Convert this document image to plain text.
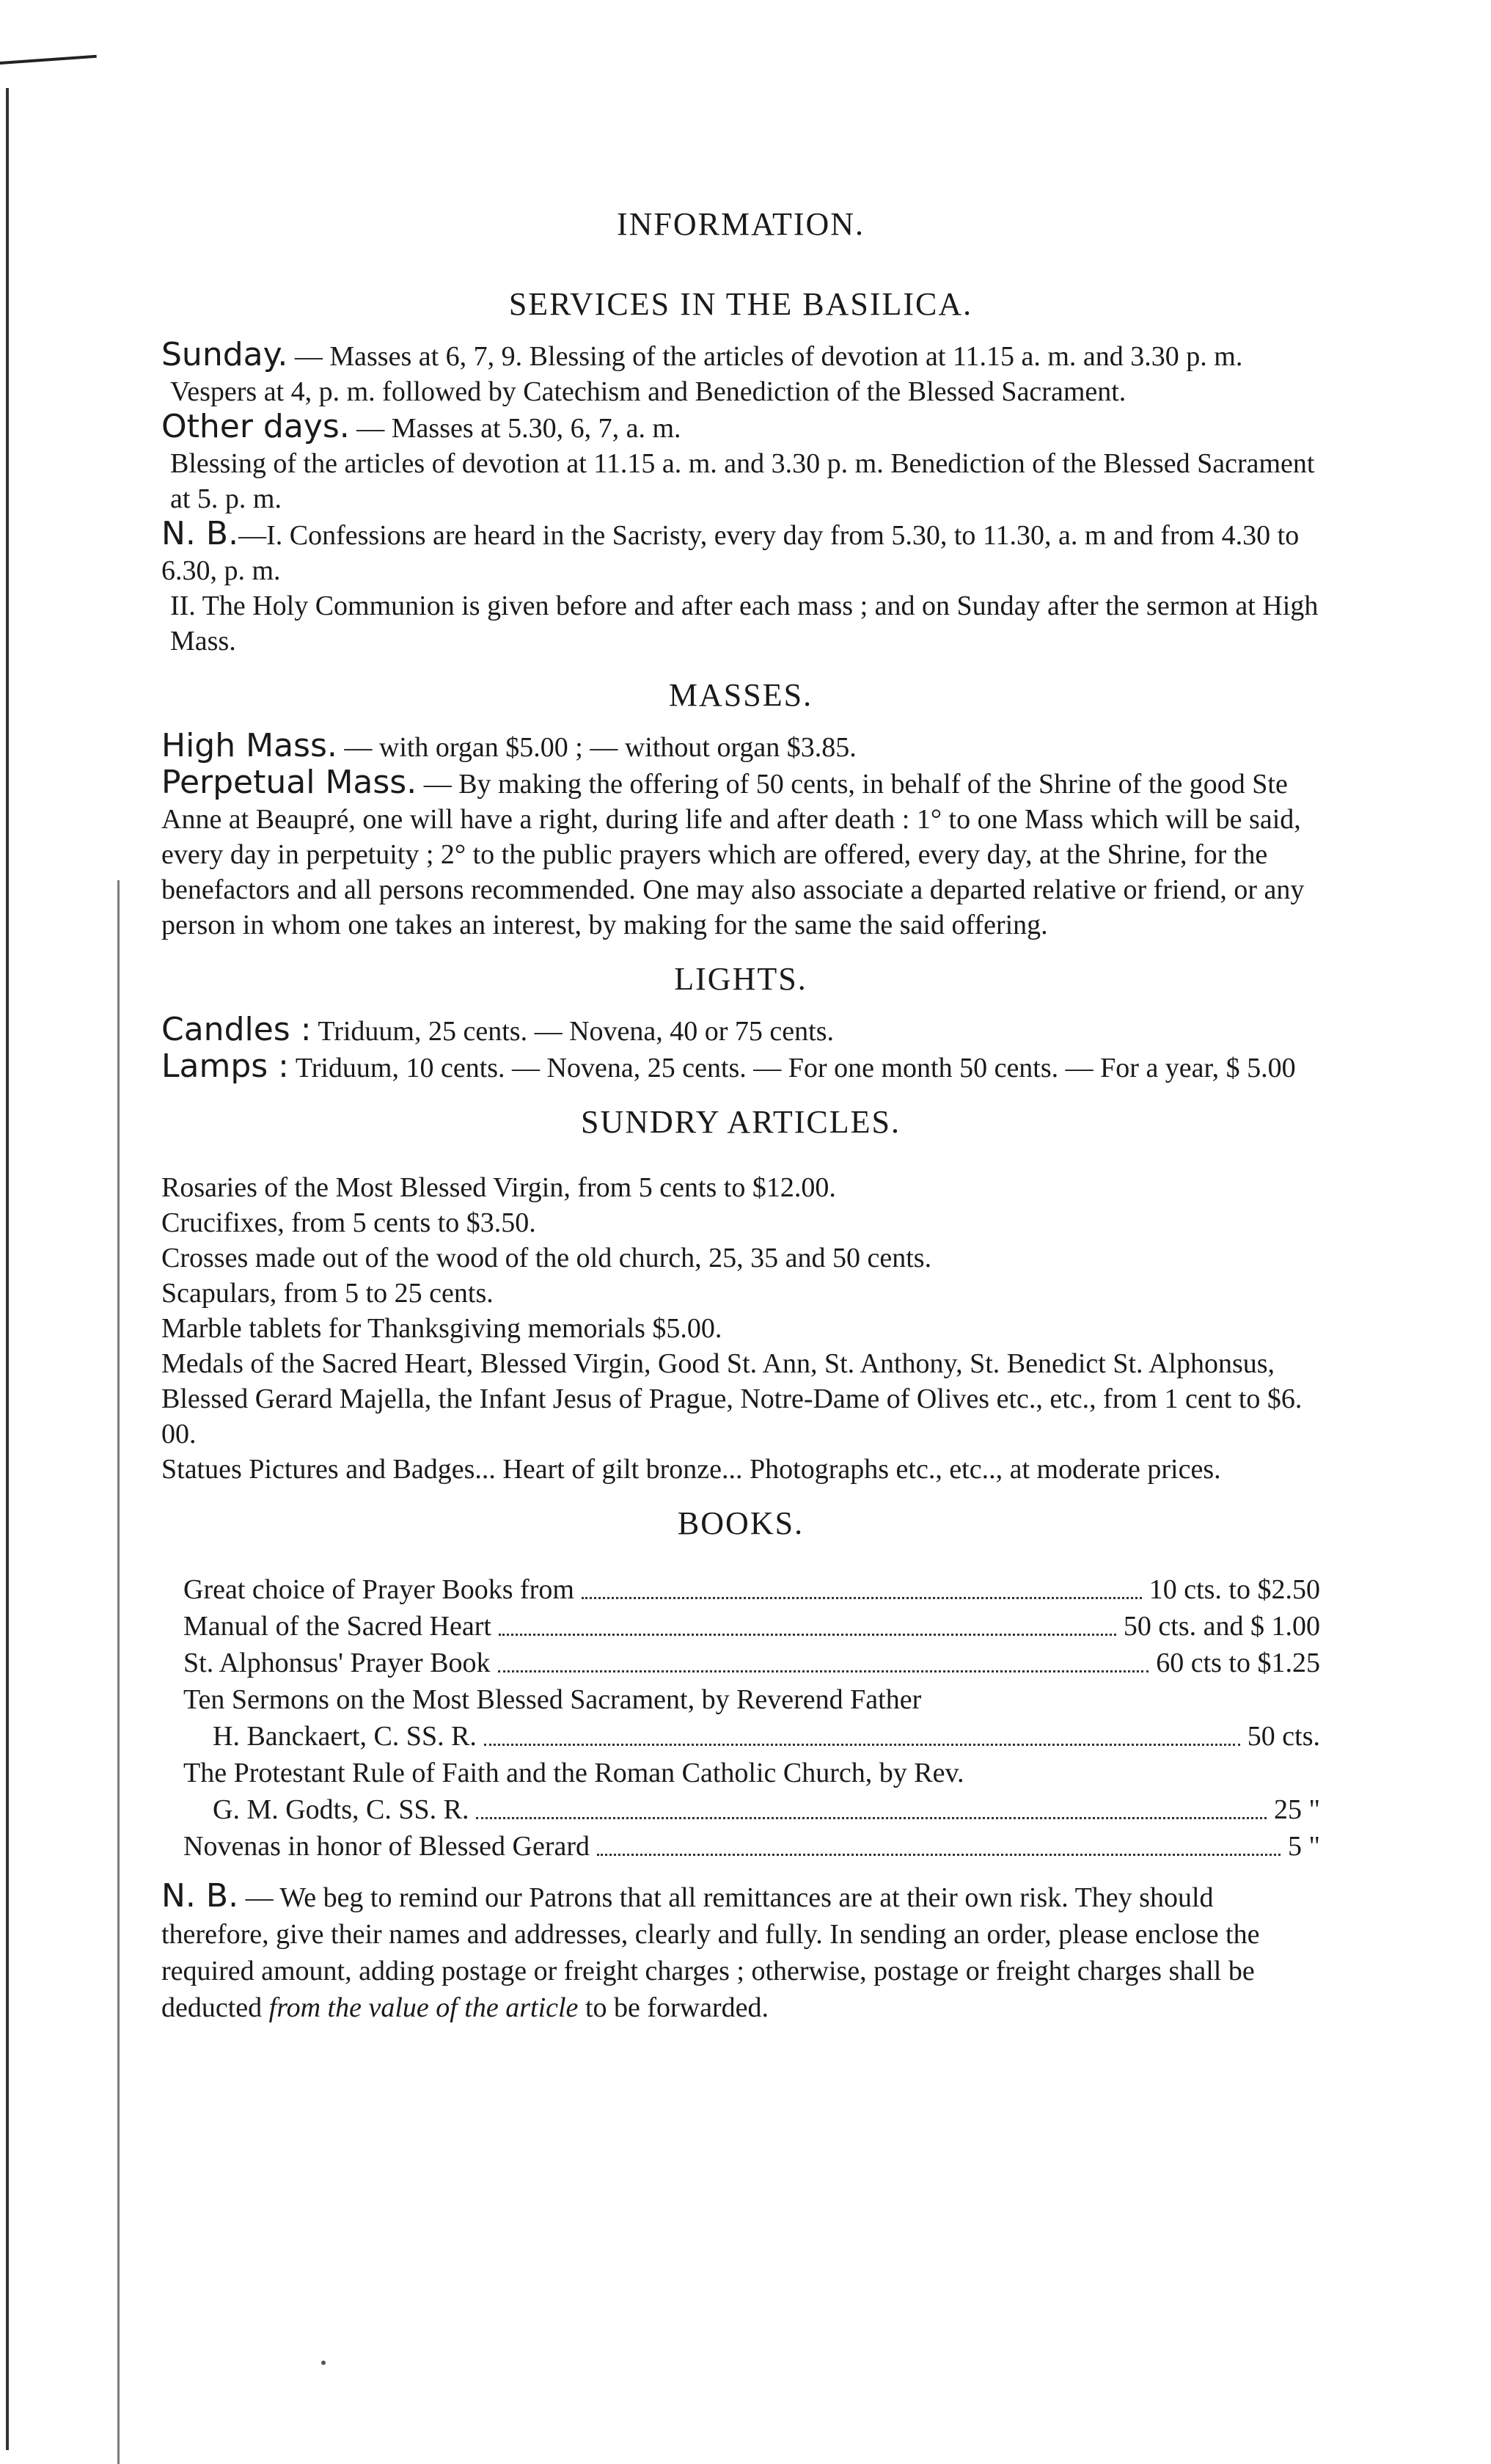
INFORMATION.
SERVICES IN THE BASILICA.
Sunday. — Masses at 6, 7, 9. Blessing of the articles of devotion at 11.15 a. m. and 3.30 p. m.
Vespers at 4, p. m. followed by Catechism and Benediction of the Blessed Sacrament.
Other days. — Masses at 5.30, 6, 7, a. m.
Blessing of the articles of devotion at 11.15 a. m. and 3.30 p. m. Benediction of the Blessed Sacrament at 5. p. m.
N. B.—I. Confessions are heard in the Sacristy, every day from 5.30, to 11.30, a. m and from 4.30 to 6.30, p. m.
II. The Holy Communion is given before and after each mass ; and on Sunday after the sermon at High Mass.
MASSES.
High Mass. — with organ $5.00 ; — without organ $3.85.
Perpetual Mass. — By making the offering of 50 cents, in behalf of the Shrine of the good Ste Anne at Beaupré, one will have a right, during life and after death : 1° to one Mass which will be said, every day in perpetuity ; 2° to the public prayers which are offered, every day, at the Shrine, for the benefactors and all persons recommended. One may also associate a departed relative or friend, or any person in whom one takes an interest, by making for the same the said offering.
LIGHTS.
Candles : Triduum, 25 cents. — Novena, 40 or 75 cents.
Lamps : Triduum, 10 cents. — Novena, 25 cents. — For one month 50 cents. — For a year, $ 5.00
SUNDRY ARTICLES.
Rosaries of the Most Blessed Virgin, from 5 cents to $12.00.
Crucifixes, from 5 cents to $3.50.
Crosses made out of the wood of the old church, 25, 35 and 50 cents.
Scapulars, from 5 to 25 cents.
Marble tablets for Thanksgiving memorials $5.00.
Medals of the Sacred Heart, Blessed Virgin, Good St. Ann, St. Anthony, St. Benedict St. Alphonsus, Blessed Gerard Majella, the Infant Jesus of Prague, Notre-Dame of Olives etc., etc., from 1 cent to $6. 00.
Statues Pictures and Badges... Heart of gilt bronze... Photographs etc., etc.., at moderate prices.
BOOKS.
Great choice of Prayer Books from	10 cts. to $2.50
Manual of the Sacred Heart	50 cts. and $ 1.00
St. Alphonsus' Prayer Book	60 cts to $1.25
Ten Sermons on the Most Blessed Sacrament, by Reverend Father
H. Banckaert, C. SS. R.	50 cts.
The Protestant Rule of Faith and the Roman Catholic Church, by Rev.
G. M. Godts, C. SS. R.	25 "
Novenas in honor of Blessed Gerard	5 "
N. B. — We beg to remind our Patrons that all remittances are at their own risk. They should therefore, give their names and addresses, clearly and fully. In sending an order, please enclose the required amount, adding postage or freight charges ; otherwise, postage or freight charges shall be deducted from the value of the article to be forwarded.
